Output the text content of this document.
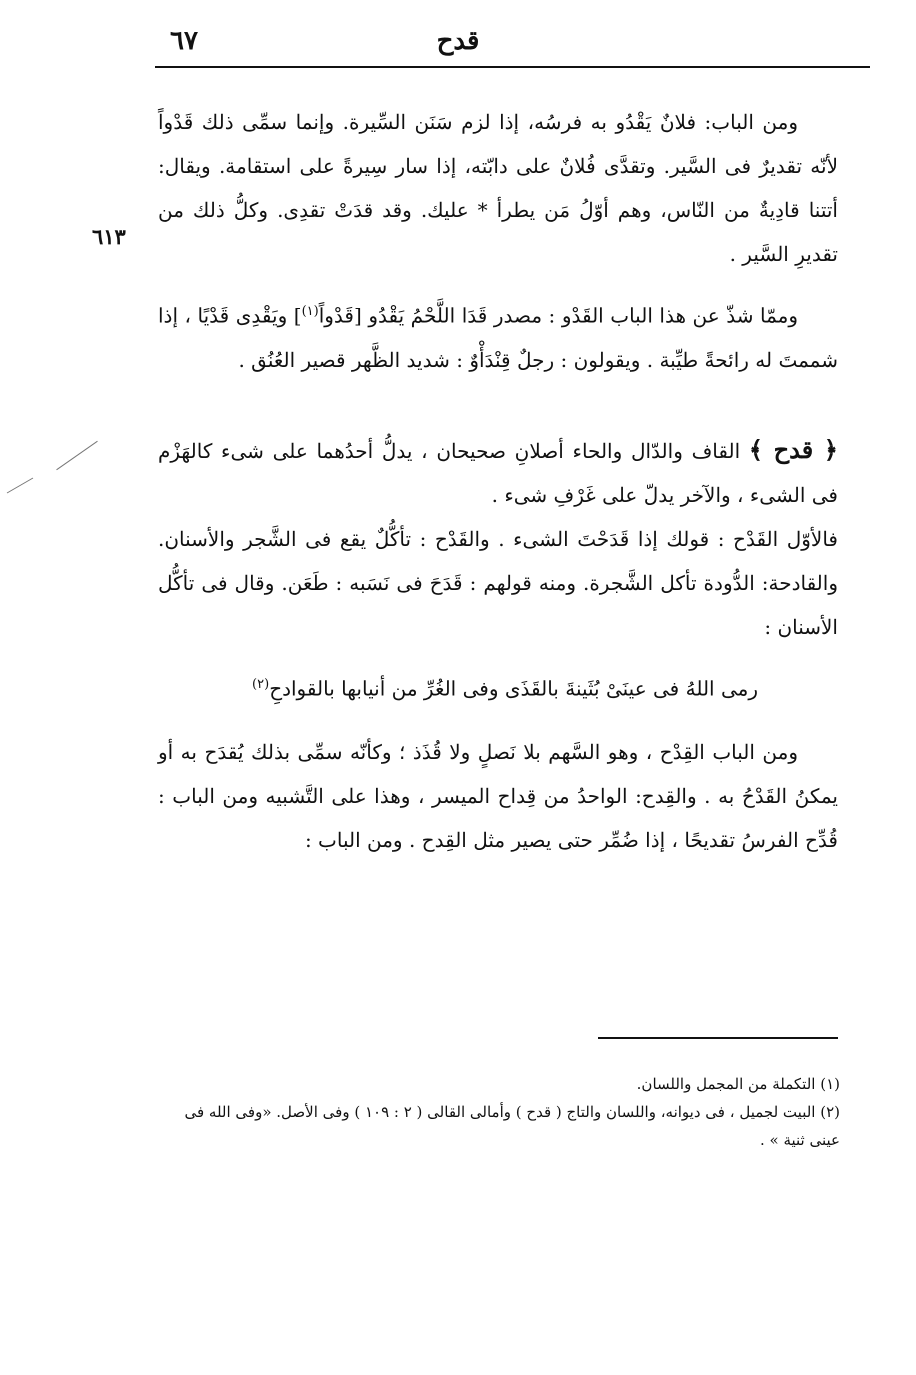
قدح
٦٧
٦١٣

ومن الباب: فلانٌ يَقْدُو به فرسُه، إذا لزم سَنَن السِّيرة. وإنما سمِّى ذلك قَدْواً لأنّه تقديرٌ فى السَّير. وتقدَّى فُلانٌ على دابّته، إذا سار سِيرةً على استقامة. ويقال: أتتنا قادِيةٌ من النّاس، وهم أوّلُ مَن يطرأ * عليك. وقد قدَتْ تقدِى. وكلُّ ذلك من تقديرِ السَّير .

وممّا شذّ عن هذا الباب القَدْو : مصدر قَدَا اللَّحْمُ يَقْدُو [قَدْواً$^{(١)}$] ويَقْدِى قَدْيًا ، إذا شممتَ له رائحةً طيِّبة . ويقولون : رجلٌ قِنْدَأْوٌ : شديد الظَّهر قصير العُنُق .

﴿ قدح ﴾ القاف والدّال والحاء أصلانِ صحيحان ، يدلُّ أحدُهما على شىء كالهَزْم فى الشىء ، والآخر يدلّ على غَرْفِ شىء .

فالأوّل القَدْح : قولك إذا قَدَحْتَ الشىء . والقَدْح : تأكُّلٌ يقع فى الشَّجر والأسنان. والقادحة: الدُّودة تأكل الشَّجرة. ومنه قولهم : قَدَحَ فى نَسَبه : طَعَن. وقال فى تأكُّل الأسنان :

رمى اللهُ فى عينَىْ بُثَينةَ بالقَذَى وفى الغُرِّ من أنيابها بالقوادحِ$^{(٢)}$

ومن الباب القِدْح ، وهو السَّهم بلا نَصلٍ ولا قُذَذ ؛ وكأنّه سمِّى بذلك يُقدَح به أو يمكنُ القَدْحُ به . والقِدح: الواحدُ من قِداح الميسر ، وهذا على التَّشبيه ومن الباب : قُدِّح الفرسُ تقديحًا ، إذا ضُمِّر حتى يصير مثل القِدح . ومن الباب :

(١) التكملة من المجمل واللسان.

(٢) البيت لجميل ، فى ديوانه، واللسان والتاج ( قدح ) وأمالى القالى ( ٢ : ١٠٩ ) وفى الأصل. «وفى الله فى عينى ثنية » .
